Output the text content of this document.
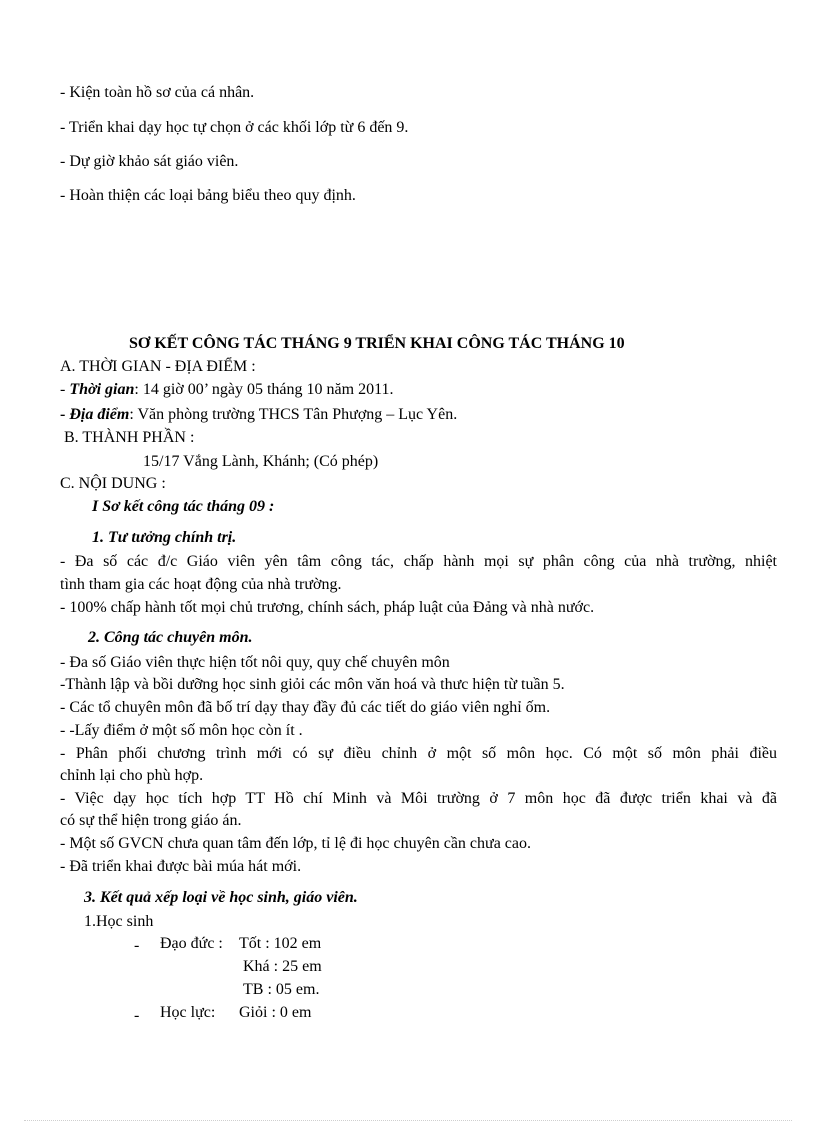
- Kiện toàn hồ sơ của cá nhân.
- Triển khai dạy học tự chọn ở các khối lớp từ 6 đến 9.
- Dự giờ khảo sát giáo viên.
- Hoàn thiện các loại bảng biểu theo quy định.
SƠ KẾT CÔNG TÁC THÁNG 9 TRIỂN KHAI CÔNG TÁC THÁNG 10
A. THỜI GIAN - ĐỊA ĐIỂM :
- Thời gian: 14 giờ 00’ ngày 05 tháng 10 năm 2011.
- Địa điểm: Văn phòng trường THCS Tân Phượng – Lục Yên.
B. THÀNH PHẦN :
15/17 Vắng Lành, Khánh; (Có phép)
C. NỘI DUNG :
I Sơ kết công tác tháng 09 :
1. Tư tưởng chính trị.
- Đa số các đ/c Giáo viên yên tâm công tác, chấp hành mọi sự phân công của nhà trường, nhiệt
tình tham gia các hoạt động của nhà trường.
- 100% chấp hành tốt mọi chủ trương, chính sách, pháp luật của Đảng và nhà nước.
2. Công tác chuyên môn.
- Đa số Giáo viên thực hiện tốt nôi quy, quy chế chuyên môn
-Thành lập và bồi dưỡng học sinh giỏi các môn văn hoá và thưc hiện từ tuần 5.
- Các tổ chuyên môn đã bố trí dạy thay đầy đủ các tiết do giáo viên nghỉ ốm.
- -Lấy điểm ở một số môn học còn ít .
- Phân phối chương trình mới có sự điều chỉnh ở một số môn học. Có một số môn phải điều
chỉnh lại cho phù hợp.
- Việc dạy học tích hợp TT Hồ chí Minh và Môi trường ở 7 môn học đã được triển khai và đã
có sự thể hiện trong giáo án.
- Một số GVCN chưa quan tâm đến lớp, tỉ lệ đi học chuyên cần chưa cao.
- Đã triển khai được bài múa hát mới.
3. Kết quả xếp loại về học sinh, giáo viên.
1.Học sinh
- Đạo đức : Tốt : 102 em
Khá : 25 em
TB : 05 em.
- Học lực: Giỏi : 0 em
